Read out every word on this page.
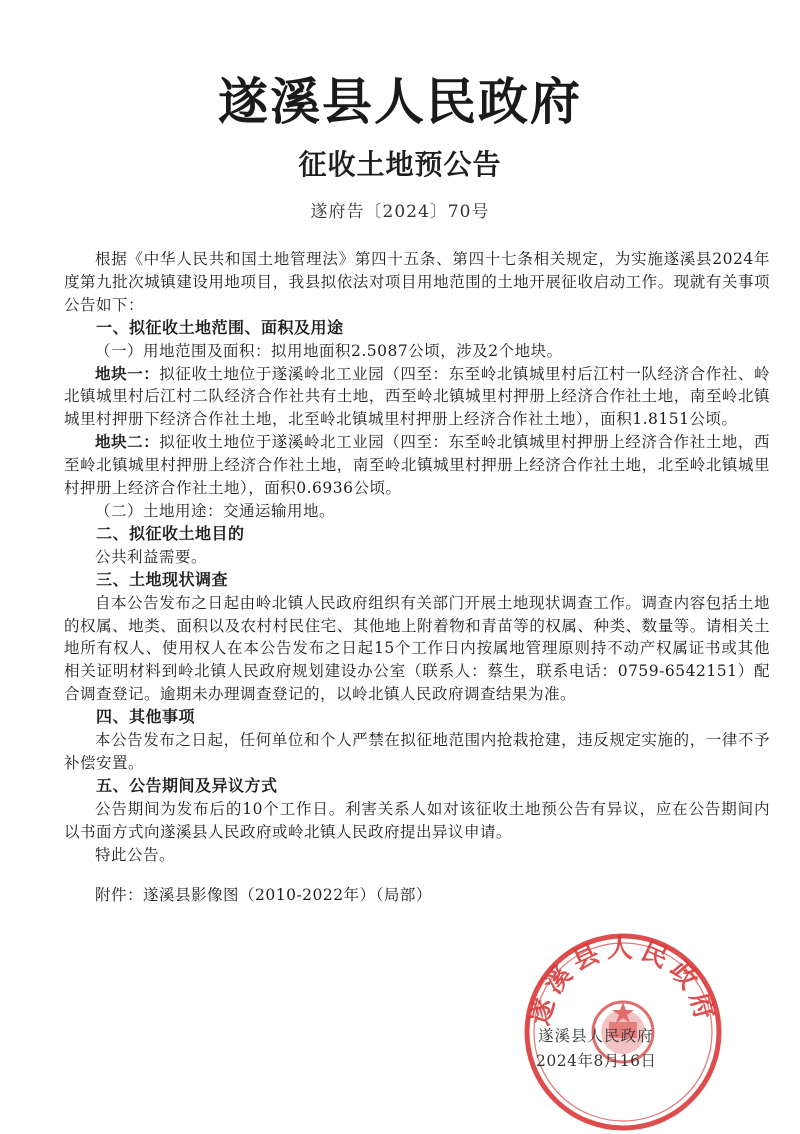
遂溪县人民政府
征收土地预公告
遂府告〔2024〕70号

根据《中华人民共和国土地管理法》第四十五条、第四十七条相关规定，为实施遂溪县2024年度第九批次城镇建设用地项目，我县拟依法对项目用地范围的土地开展征收启动工作。现就有关事项公告如下：

一、拟征收土地范围、面积及用途

（一）用地范围及面积：拟用地面积2.5087公顷，涉及2个地块。

地块一：拟征收土地位于遂溪岭北工业园（四至：东至岭北镇城里村后江村一队经济合作社、岭北镇城里村后江村二队经济合作社共有土地，西至岭北镇城里村押册上经济合作社土地，南至岭北镇城里村押册下经济合作社土地，北至岭北镇城里村押册上经济合作社土地），面积1.8151公顷。

地块二：拟征收土地位于遂溪岭北工业园（四至：东至岭北镇城里村押册上经济合作社土地，西至岭北镇城里村押册上经济合作社土地，南至岭北镇城里村押册上经济合作社土地，北至岭北镇城里村押册上经济合作社土地），面积0.6936公顷。

（二）土地用途：交通运输用地。

二、拟征收土地目的

公共利益需要。

三、土地现状调查

自本公告发布之日起由岭北镇人民政府组织有关部门开展土地现状调查工作。调查内容包括土地的权属、地类、面积以及农村村民住宅、其他地上附着物和青苗等的权属、种类、数量等。请相关土地所有权人、使用权人在本公告发布之日起15个工作日内按属地管理原则持不动产权属证书或其他相关证明材料到岭北镇人民政府规划建设办公室（联系人：蔡生，联系电话：0759-6542151）配合调查登记。逾期未办理调查登记的，以岭北镇人民政府调查结果为准。

四、其他事项

本公告发布之日起，任何单位和个人严禁在拟征地范围内抢栽抢建，违反规定实施的，一律不予补偿安置。

五、公告期间及异议方式

公告期间为发布后的10个工作日。利害关系人如对该征收土地预公告有异议，应在公告期间内以书面方式向遂溪县人民政府或岭北镇人民政府提出异议申请。

特此公告。

附件：遂溪县影像图（2010-2022年）（局部）

遂溪县人民政府
遂溪县人民政府
2024年8月16日
